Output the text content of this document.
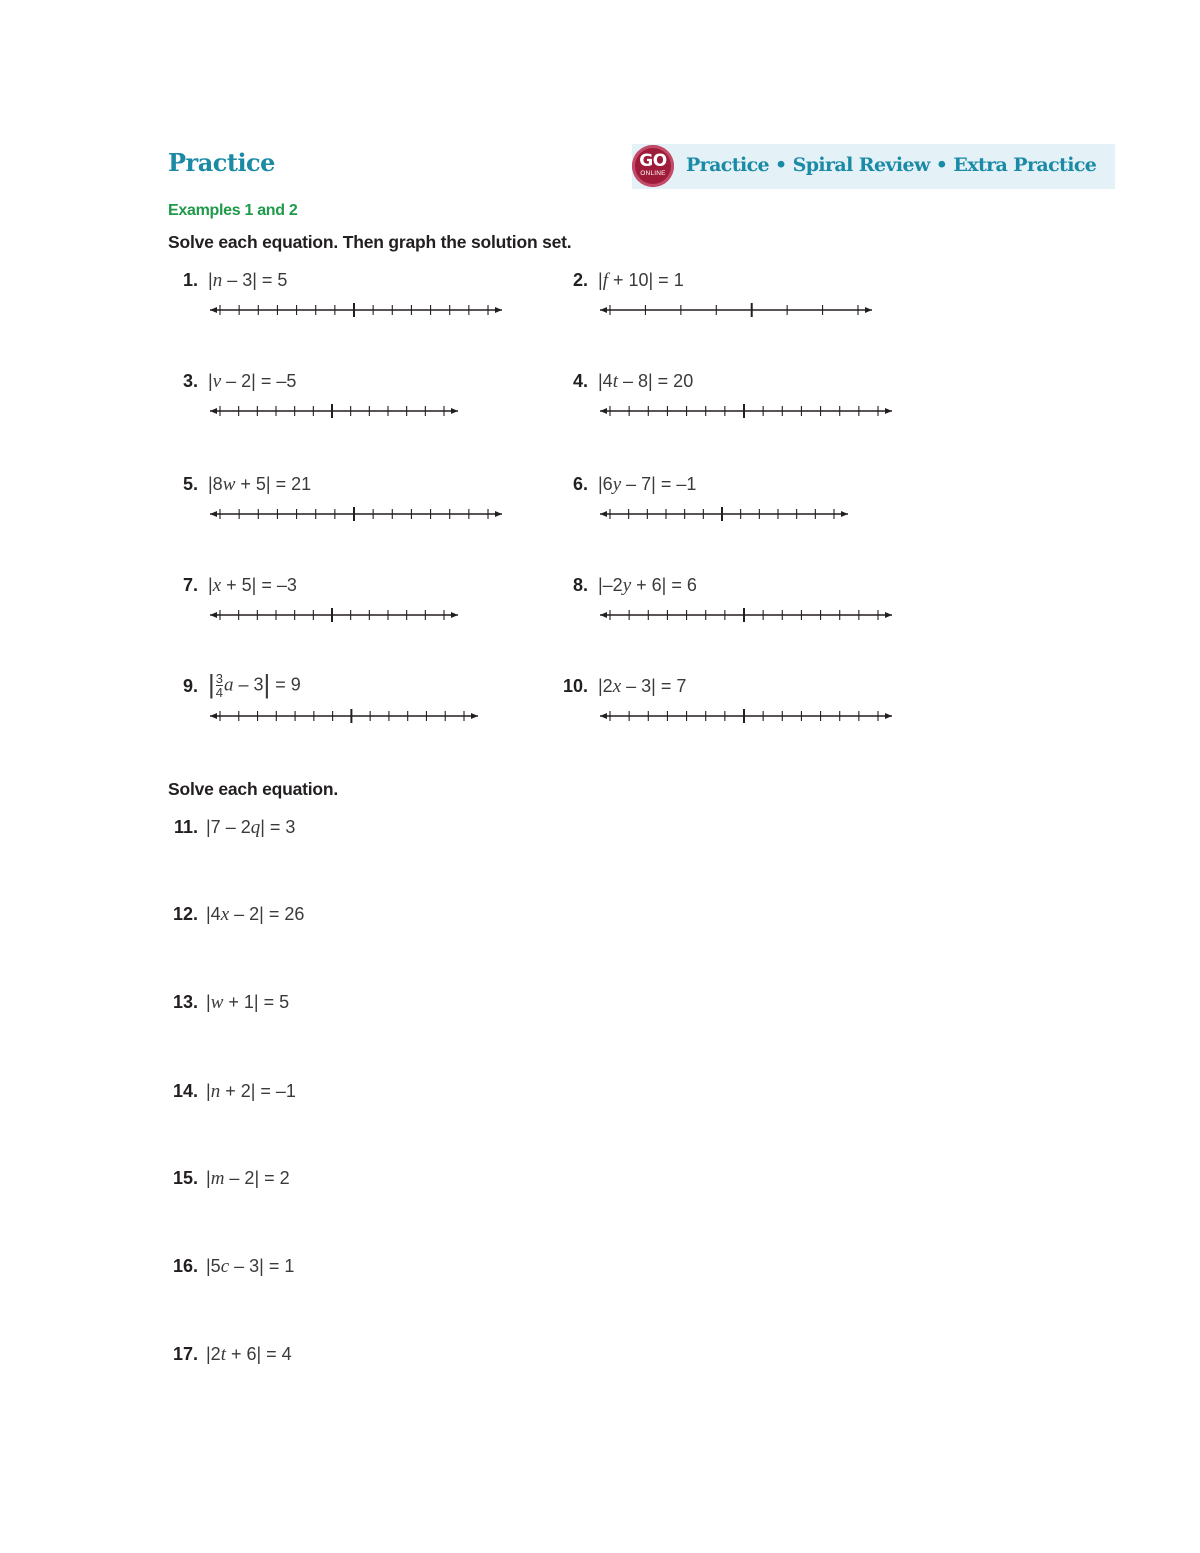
Practice	GO
ONLINE	Practice • Spiral Review • Extra Practice
Examples 1 and 2
Solve each equation. Then graph the solution set.
1. |n – 3| = 5	2. |f + 10| = 1
3. |v – 2| = –5	4. |4t – 8| = 20
5. |8w + 5| = 21	6. |6y – 7| = –1
7. |x + 5| = –3	8. |–2y + 6| = 6
9. | $\frac{3}{4}$ a – 3| = 9	10. |2x – 3| = 7
Solve each equation.
11. |7 – 2q| = 3
12. |4x – 2| = 26
13. |w + 1| = 5
14. |n + 2| = –1
15. |m – 2| = 2
16. |5c – 3| = 1
17. |2t + 6| = 4
